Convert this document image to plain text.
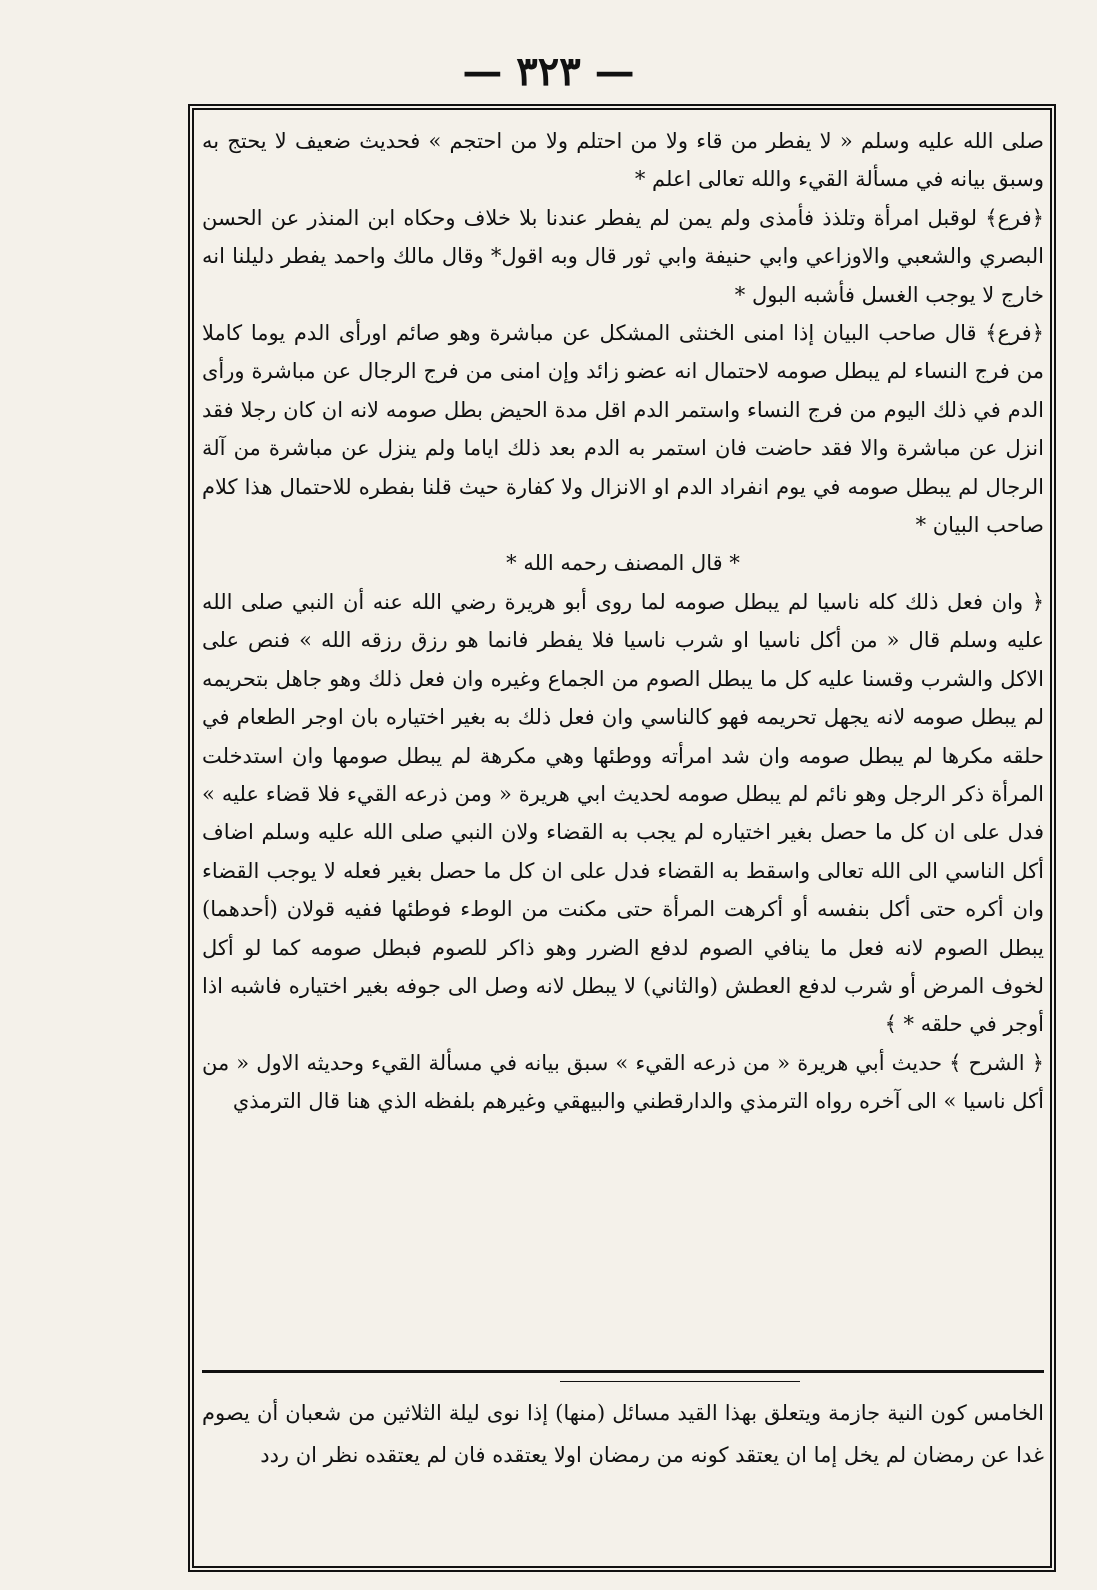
— ٣٢٣ —

صلى الله عليه وسلم « لا يفطر من قاء ولا من احتلم ولا من احتجم » فحديث ضعيف لا يحتج به وسبق بيانه في مسألة القيء والله تعالى اعلم *

﴿فرع﴾ لوقبل امرأة وتلذذ فأمذى ولم يمن لم يفطر عندنا بلا خلاف وحكاه ابن المنذر عن الحسن البصري والشعبي والاوزاعي وابي حنيفة وابي ثور قال وبه اقول* وقال مالك واحمد يفطر دليلنا انه خارج لا يوجب الغسل فأشبه البول *

﴿فرع﴾ قال صاحب البيان إذا امنى الخنثى المشكل عن مباشرة وهو صائم اورأى الدم يوما كاملا من فرج النساء لم يبطل صومه لاحتمال انه عضو زائد وإن امنى من فرج الرجال عن مباشرة ورأى الدم في ذلك اليوم من فرج النساء واستمر الدم اقل مدة الحيض بطل صومه لانه ان كان رجلا فقد انزل عن مباشرة والا فقد حاضت فان استمر به الدم بعد ذلك اياما ولم ينزل عن مباشرة من آلة الرجال لم يبطل صومه في يوم انفراد الدم او الانزال ولا كفارة حيث قلنا بفطره للاحتمال هذا كلام صاحب البيان *

* قال المصنف رحمه الله *

﴿ وان فعل ذلك كله ناسيا لم يبطل صومه لما روى أبو هريرة رضي الله عنه أن النبي صلى الله عليه وسلم قال « من أكل ناسيا او شرب ناسيا فلا يفطر فانما هو رزق رزقه الله » فنص على الاكل والشرب وقسنا عليه كل ما يبطل الصوم من الجماع وغيره وان فعل ذلك وهو جاهل بتحريمه لم يبطل صومه لانه يجهل تحريمه فهو كالناسي وان فعل ذلك به بغير اختياره بان اوجر الطعام في حلقه مكرها لم يبطل صومه وان شد امرأته ووطئها وهي مكرهة لم يبطل صومها وان استدخلت المرأة ذكر الرجل وهو نائم لم يبطل صومه لحديث ابي هريرة « ومن ذرعه القيء فلا قضاء عليه » فدل على ان كل ما حصل بغير اختياره لم يجب به القضاء ولان النبي صلى الله عليه وسلم اضاف أكل الناسي الى الله تعالى واسقط به القضاء فدل على ان كل ما حصل بغير فعله لا يوجب القضاء وان أكره حتى أكل بنفسه أو أكرهت المرأة حتى مكنت من الوطء فوطئها ففيه قولان (أحدهما) يبطل الصوم لانه فعل ما ينافي الصوم لدفع الضرر وهو ذاكر للصوم فبطل صومه كما لو أكل لخوف المرض أو شرب لدفع العطش (والثاني) لا يبطل لانه وصل الى جوفه بغير اختياره فاشبه اذا أوجر في حلقه * ﴾

﴿ الشرح ﴾ حديث أبي هريرة « من ذرعه القيء » سبق بيانه في مسألة القيء وحديثه الاول « من أكل ناسيا » الى آخره رواه الترمذي والدارقطني والبيهقي وغيرهم بلفظه الذي هنا قال الترمذي

الخامس كون النية جازمة ويتعلق بهذا القيد مسائل (منها) إذا نوى ليلة الثلاثين من شعبان أن يصوم غدا عن رمضان لم يخل إما ان يعتقد كونه من رمضان اولا يعتقده فان لم يعتقده نظر ان ردد
